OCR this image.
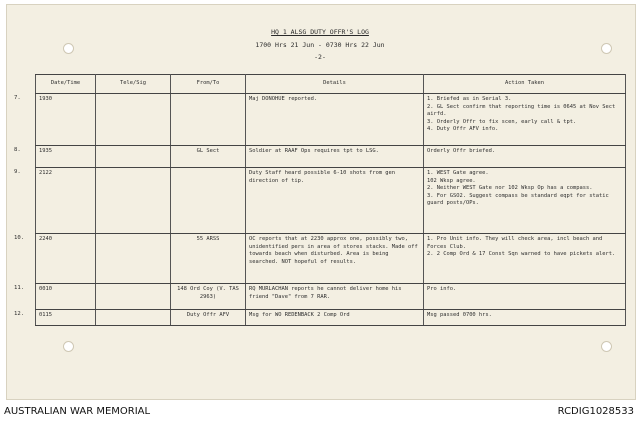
HQ 1 ALSG DUTY OFFR'S LOG
1700 Hrs 21 Jun - 0730 Hrs 22 Jun
-2-
Date/Time	Tele/Sig	From/To	Details	Action Taken
1930			Maj DONOHUE reported.	1. Briefed as in Serial 3.
2. GL Sect confirm that reporting time is 0645 at Nov Sect airfd.
3. Orderly Offr to fix scen, early call & tpt.
4. Duty Offr AFV info.

1935		GL Sect	Soldier at RAAF Ops requires tpt to LSG.	Orderly Offr briefed.

2122			Duty Staff heard possible 6-10 shots from gen direction of tip.	1. WEST Gate agree.
102 Wksp agree.
2. Neither WEST Gate nor 102 Wksp Op has a compass.
3. For GSO2. Suggest compass be standard eqpt for static guard posts/OPs.

2240		55 ARSS	OC reports that at 2230 approx one, possibly two, unidentified pers in area of stores stacks. Made off towards beach when disturbed. Area is being searched. NOT hopeful of results.	1. Pro Unit info. They will check area, incl beach and Forces Club.
2. 2 Comp Ord & 17 Const Sqn warned to have pickets alert.

0010		148 Ord Coy (V. TAS 2963)	RQ MURLACHAN reports he cannot deliver home his friend "Dave" from 7 RAR.	Pro info.

0115		Duty Offr AFV	Msg for WO REDENBACK 2 Comp Ord	Msg passed 0700 hrs.
7.
8.
9.
10.
11.
12.
AUSTRALIAN WAR MEMORIAL	RCDIG1028533
